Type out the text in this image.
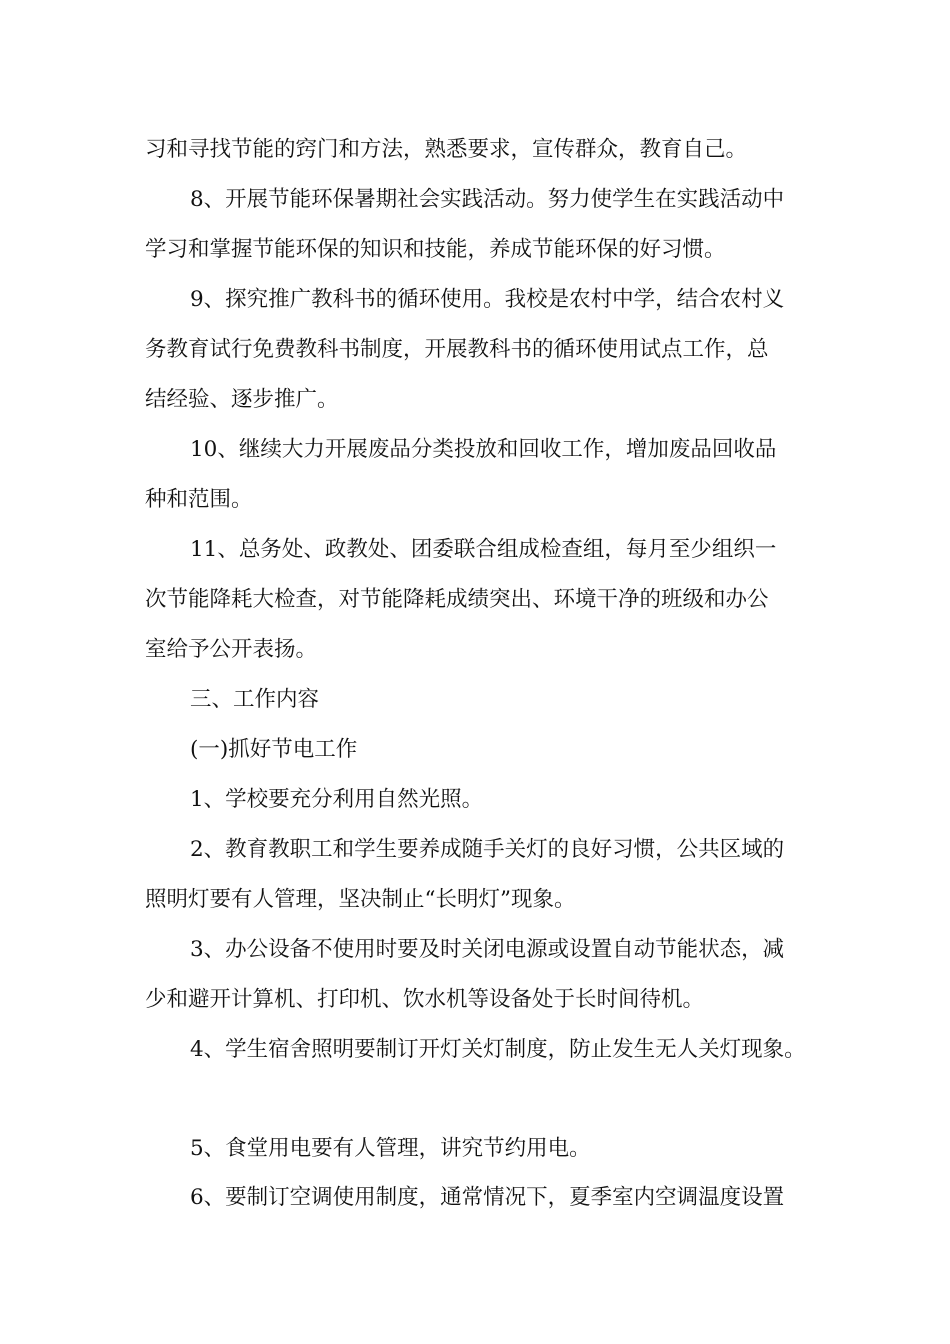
习和寻找节能的窍门和方法，熟悉要求，宣传群众，教育自己。
8、开展节能环保暑期社会实践活动。努力使学生在实践活动中
学习和掌握节能环保的知识和技能，养成节能环保的好习惯。
9、探究推广教科书的循环使用。我校是农村中学，结合农村义
务教育试行免费教科书制度，开展教科书的循环使用试点工作，总
结经验、逐步推广。
10、继续大力开展废品分类投放和回收工作，增加废品回收品
种和范围。
11、总务处、政教处、团委联合组成检查组，每月至少组织一
次节能降耗大检查，对节能降耗成绩突出、环境干净的班级和办公
室给予公开表扬。
三、工作内容
(一)抓好节电工作
1、学校要充分利用自然光照。
2、教育教职工和学生要养成随手关灯的良好习惯，公共区域的
照明灯要有人管理，坚决制止“长明灯”现象。
3、办公设备不使用时要及时关闭电源或设置自动节能状态，减
少和避开计算机、打印机、饮水机等设备处于长时间待机。
4、学生宿舍照明要制订开灯关灯制度，防止发生无人关灯现象。
5、食堂用电要有人管理，讲究节约用电。
6、要制订空调使用制度，通常情况下，夏季室内空调温度设置
